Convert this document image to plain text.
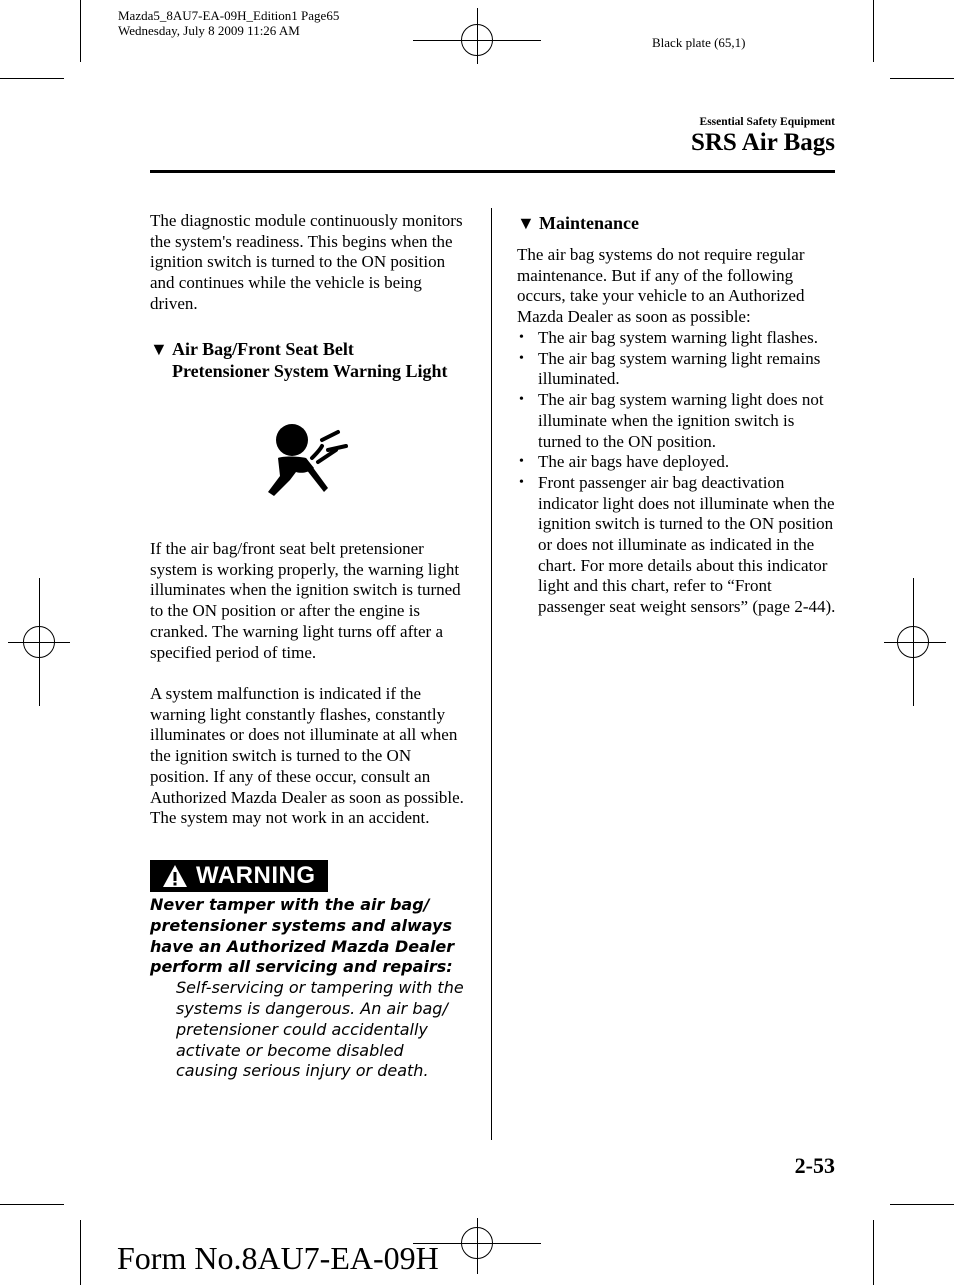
Mazda5_8AU7-EA-09H_Edition1 Page65
Wednesday, July 8 2009 11:26 AM
Black plate (65,1)
Essential Safety Equipment
SRS Air Bags

The diagnostic module continuously monitors the system's readiness. This begins when the ignition switch is turned to the ON position and continues while the vehicle is being driven.

▼ Air Bag/Front Seat Belt
Pretensioner System Warning Light

If the air bag/front seat belt pretensioner system is working properly, the warning light illuminates when the ignition switch is turned to the ON position or after the engine is cranked. The warning light turns off after a specified period of time.

A system malfunction is indicated if the warning light constantly flashes, constantly illuminates or does not illuminate at all when the ignition switch is turned to the ON position. If any of these occur, consult an Authorized Mazda Dealer as soon as possible. The system may not work in an accident.

WARNING

Never tamper with the air bag/ pretensioner systems and always have an Authorized Mazda Dealer perform all servicing and repairs:
Self-servicing or tampering with the systems is dangerous. An air bag/ pretensioner could accidentally activate or become disabled causing serious injury or death.

▼ Maintenance

The air bag systems do not require regular maintenance. But if any of the following occurs, take your vehicle to an Authorized Mazda Dealer as soon as possible:

• The air bag system warning light flashes.
• The air bag system warning light remains illuminated.
• The air bag system warning light does not illuminate when the ignition switch is turned to the ON position.
• The air bags have deployed.
• Front passenger air bag deactivation indicator light does not illuminate when the ignition switch is turned to the ON position or does not illuminate as indicated in the chart. For more details about this indicator light and this chart, refer to “Front passenger seat weight sensors” (page 2-44).
2-53
Form No.8AU7-EA-09H
